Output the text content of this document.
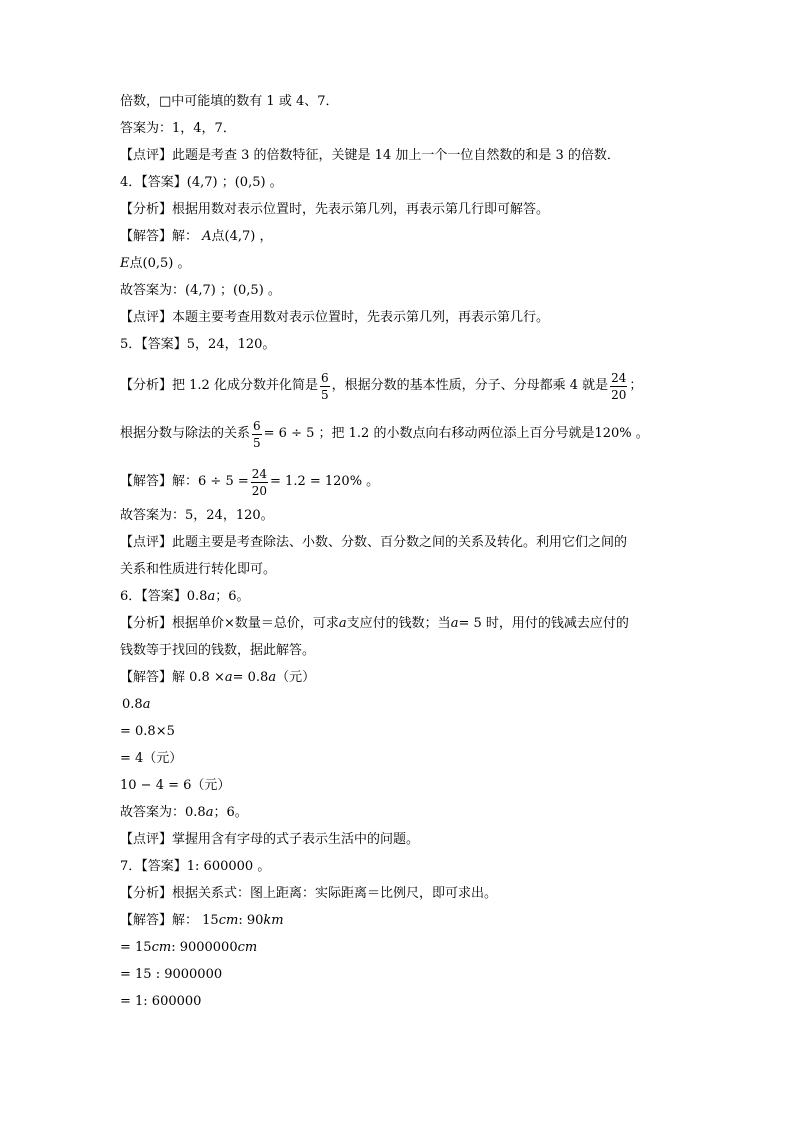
倍数，□中可能填的数有 1 或 4、7．
答案为：1，4，7．
【点评】此题是考查 3 的倍数特征，关键是 14 加上一个一位自然数的和是 3 的倍数．
4．【答案】(4,7) ；(0,5) 。
【分析】根据用数对表示位置时，先表示第几列，再表示第几行即可解答。
【解答】解： A点(4,7) ，
E点(0,5) 。
故答案为：(4,7) ；(0,5) 。
【点评】本题主要考查用数对表示位置时，先表示第几列，再表示第几行。
5．【答案】5，24，120。
【分析】把 1.2 化成分数并化简是 $\frac{6}{5}$ ，根据分数的基本性质，分子、分母都乘 4 就是 $\frac{24}{20}$ ；
根据分数与除法的关系 $\frac{6}{5} = 6 \div 5$ ；把 1.2 的小数点向右移动两位添上百分号就是120% 。
【解答】解： $6 \div 5 = \frac{24}{20} = 1.2 = 120\%$ 。
故答案为：5，24，120。
【点评】此题主要是考查除法、小数、分数、百分数之间的关系及转化。利用它们之间的
关系和性质进行转化即可。
6．【答案】0.8a；6。
【分析】根据单价×数量＝总价，可求a支应付的钱数；当a= 5 时，用付的钱减去应付的
钱数等于找回的钱数，据此解答。
【解答】解 0.8 ×a= 0.8a（元）
0.8a
= 0.8×5
= 4（元）
10 − 4 = 6（元）
故答案为：0.8a；6。
【点评】掌握用含有字母的式子表示生活中的问题。
7．【答案】1: 600000 。
【分析】根据关系式：图上距离：实际距离＝比例尺，即可求出。
【解答】解： 15cm: 90km
= 15cm: 9000000cm
= 15 : 9000000
= 1: 600000
